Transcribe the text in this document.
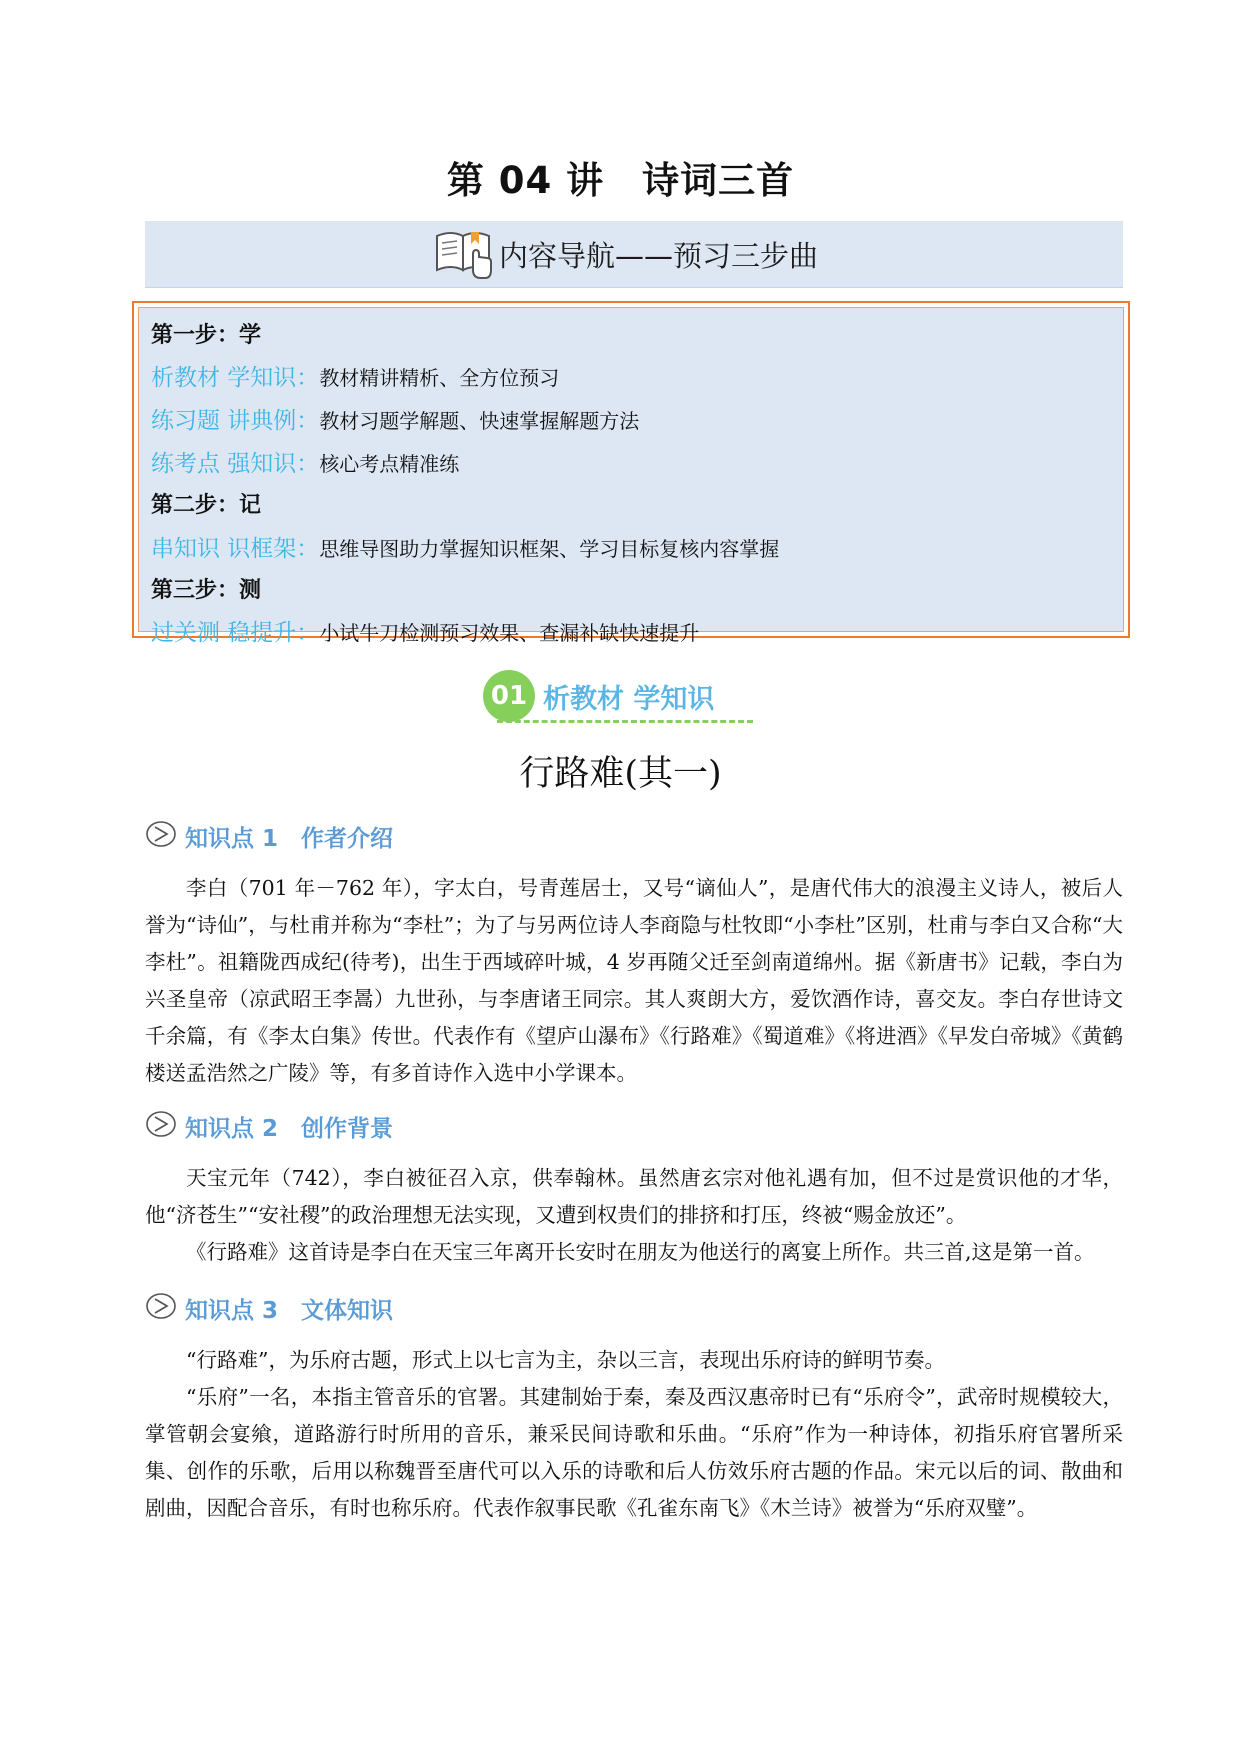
第 04 讲　诗词三首
内容导航——预习三步曲
第一步：学
析教材 学知识：教材精讲精析、全方位预习
练习题 讲典例：教材习题学解题、快速掌握解题方法
练考点 强知识：核心考点精准练
第二步：记
串知识 识框架：思维导图助力掌握知识框架、学习目标复核内容掌握
第三步：测
过关测 稳提升：小试牛刀检测预习效果、查漏补缺快速提升
01 析教材 学知识
行路难(其一)
知识点 1　作者介绍
李白（701 年－762 年），字太白，号青莲居士，又号“谪仙人”，是唐代伟大的浪漫主义诗人，被后人誉为“诗仙”，与杜甫并称为“李杜”；为了与另两位诗人李商隐与杜牧即“小李杜”区别，杜甫与李白又合称“大李杜”。祖籍陇西成纪(待考)，出生于西域碎叶城，4 岁再随父迁至剑南道绵州。据《新唐书》记载，李白为兴圣皇帝（凉武昭王李暠）九世孙，与李唐诸王同宗。其人爽朗大方，爱饮酒作诗，喜交友。李白存世诗文千余篇，有《李太白集》传世。代表作有《望庐山瀑布》《行路难》《蜀道难》《将进酒》《早发白帝城》《黄鹤楼送孟浩然之广陵》等，有多首诗作入选中小学课本。
知识点 2　创作背景
天宝元年（742），李白被征召入京，供奉翰林。虽然唐玄宗对他礼遇有加，但不过是赏识他的才华，他“济苍生”“安社稷”的政治理想无法实现，又遭到权贵们的排挤和打压，终被“赐金放还”。
《行路难》这首诗是李白在天宝三年离开长安时在朋友为他送行的离宴上所作。共三首,这是第一首。
知识点 3　文体知识
“行路难”，为乐府古题，形式上以七言为主，杂以三言，表现出乐府诗的鲜明节奏。
“乐府”一名，本指主管音乐的官署。其建制始于秦，秦及西汉惠帝时已有“乐府令”，武帝时规模较大，掌管朝会宴飨，道路游行时所用的音乐，兼采民间诗歌和乐曲。“乐府”作为一种诗体，初指乐府官署所采集、创作的乐歌，后用以称魏晋至唐代可以入乐的诗歌和后人仿效乐府古题的作品。宋元以后的词、散曲和剧曲，因配合音乐，有时也称乐府。代表作叙事民歌《孔雀东南飞》《木兰诗》被誉为“乐府双璧”。
